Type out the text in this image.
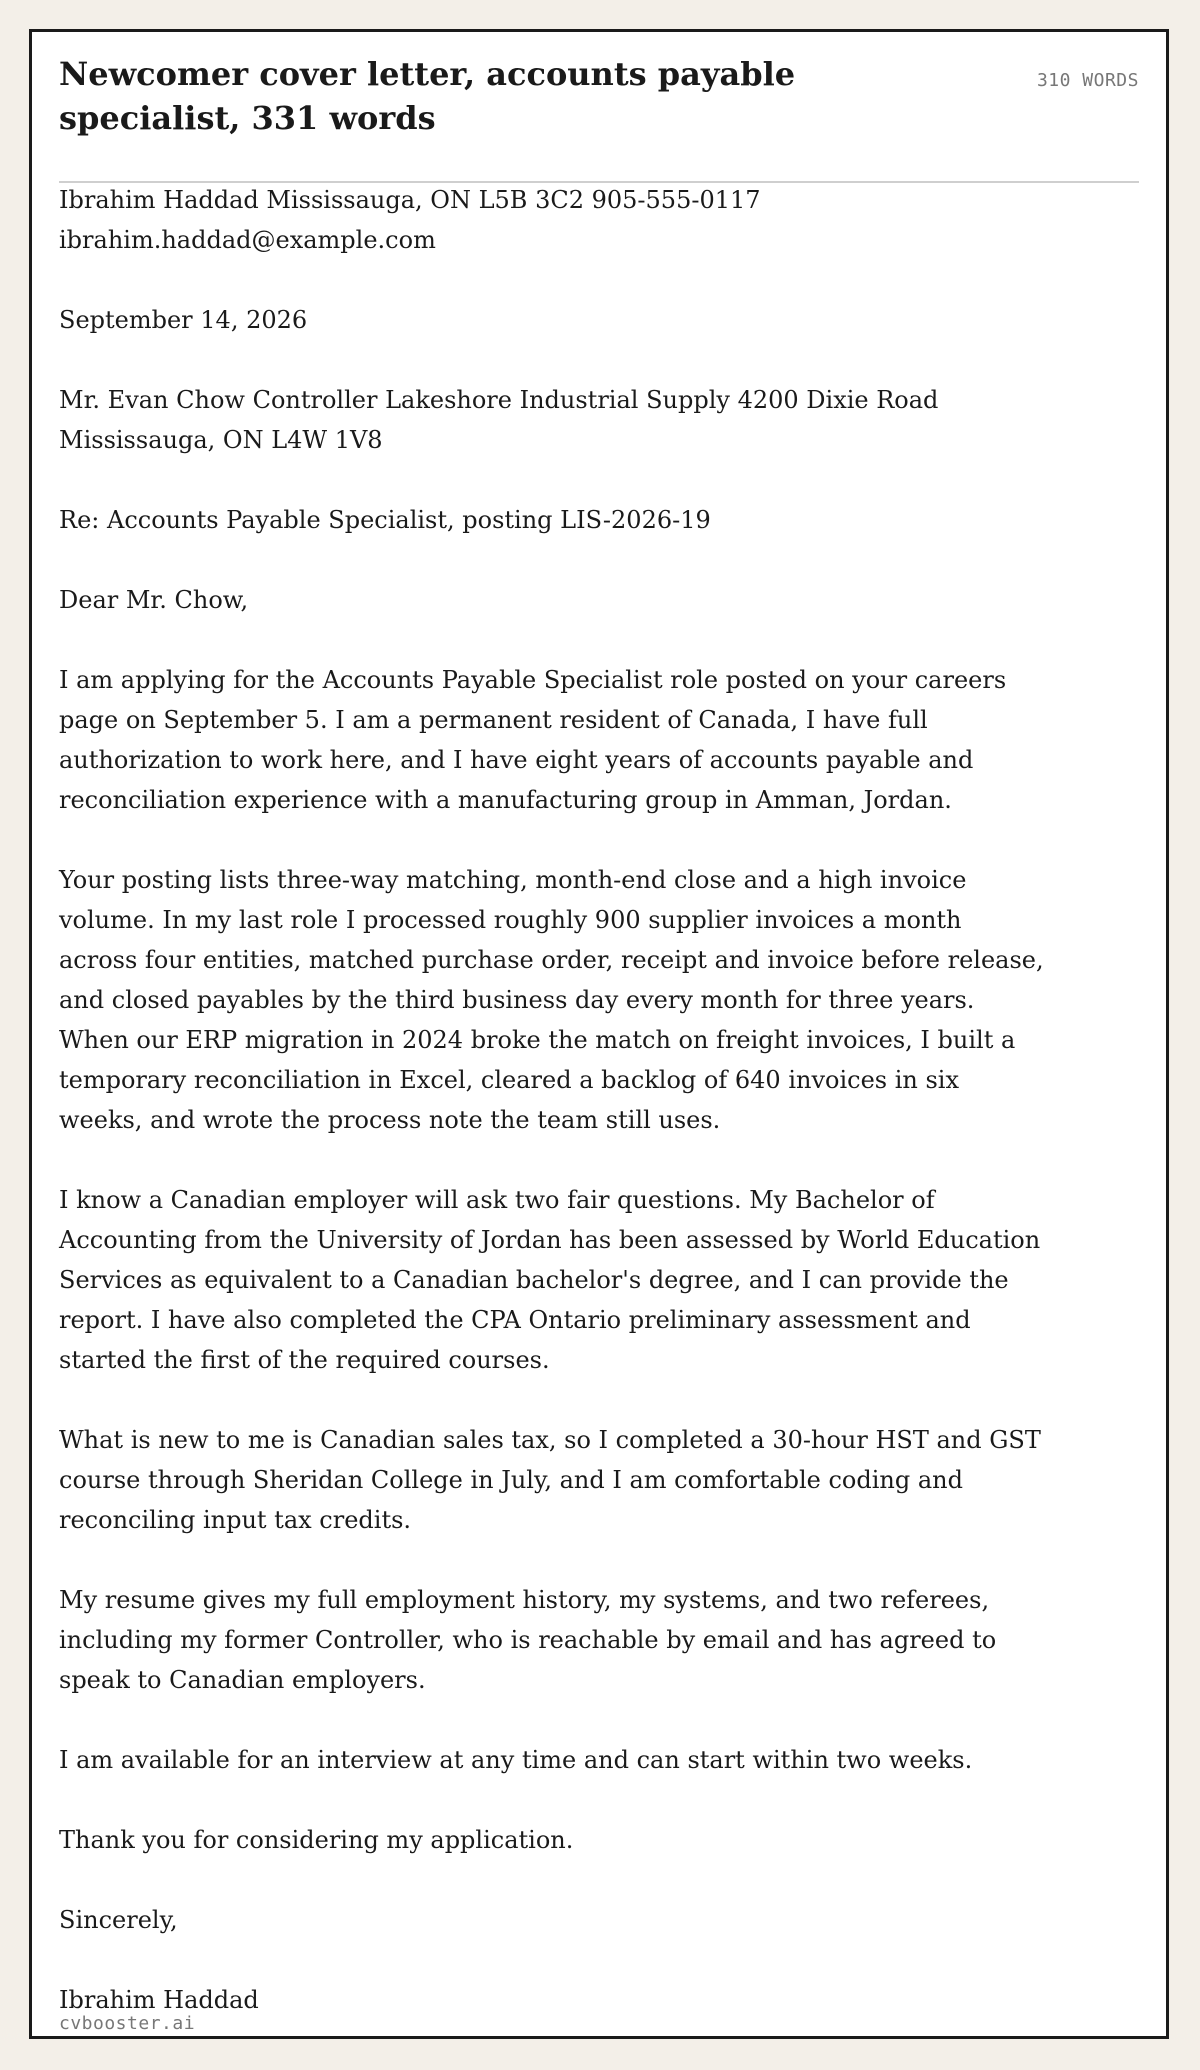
Newcomer cover letter, accounts payable specialist, 331 words
310 WORDS

Ibrahim Haddad Mississauga, ON L5B 3C2 905-555-0117 ibrahim.haddad@example.com

September 14, 2026

Mr. Evan Chow Controller Lakeshore Industrial Supply 4200 Dixie Road Mississauga, ON L4W 1V8

Re: Accounts Payable Specialist, posting LIS-2026-19

Dear Mr. Chow,

I am applying for the Accounts Payable Specialist role posted on your careers page on September 5. I am a permanent resident of Canada, I have full authorization to work here, and I have eight years of accounts payable and reconciliation experience with a manufacturing group in Amman, Jordan.

Your posting lists three-way matching, month-end close and a high invoice volume. In my last role I processed roughly 900 supplier invoices a month across four entities, matched purchase order, receipt and invoice before release, and closed payables by the third business day every month for three years. When our ERP migration in 2024 broke the match on freight invoices, I built a temporary reconciliation in Excel, cleared a backlog of 640 invoices in six weeks, and wrote the process note the team still uses.

I know a Canadian employer will ask two fair questions. My Bachelor of Accounting from the University of Jordan has been assessed by World Education Services as equivalent to a Canadian bachelor's degree, and I can provide the report. I have also completed the CPA Ontario preliminary assessment and started the first of the required courses.

What is new to me is Canadian sales tax, so I completed a 30-hour HST and GST course through Sheridan College in July, and I am comfortable coding and reconciling input tax credits.

My resume gives my full employment history, my systems, and two referees, including my former Controller, who is reachable by email and has agreed to speak to Canadian employers.

I am available for an interview at any time and can start within two weeks.

Thank you for considering my application.

Sincerely,

Ibrahim Haddad

cvbooster.ai
